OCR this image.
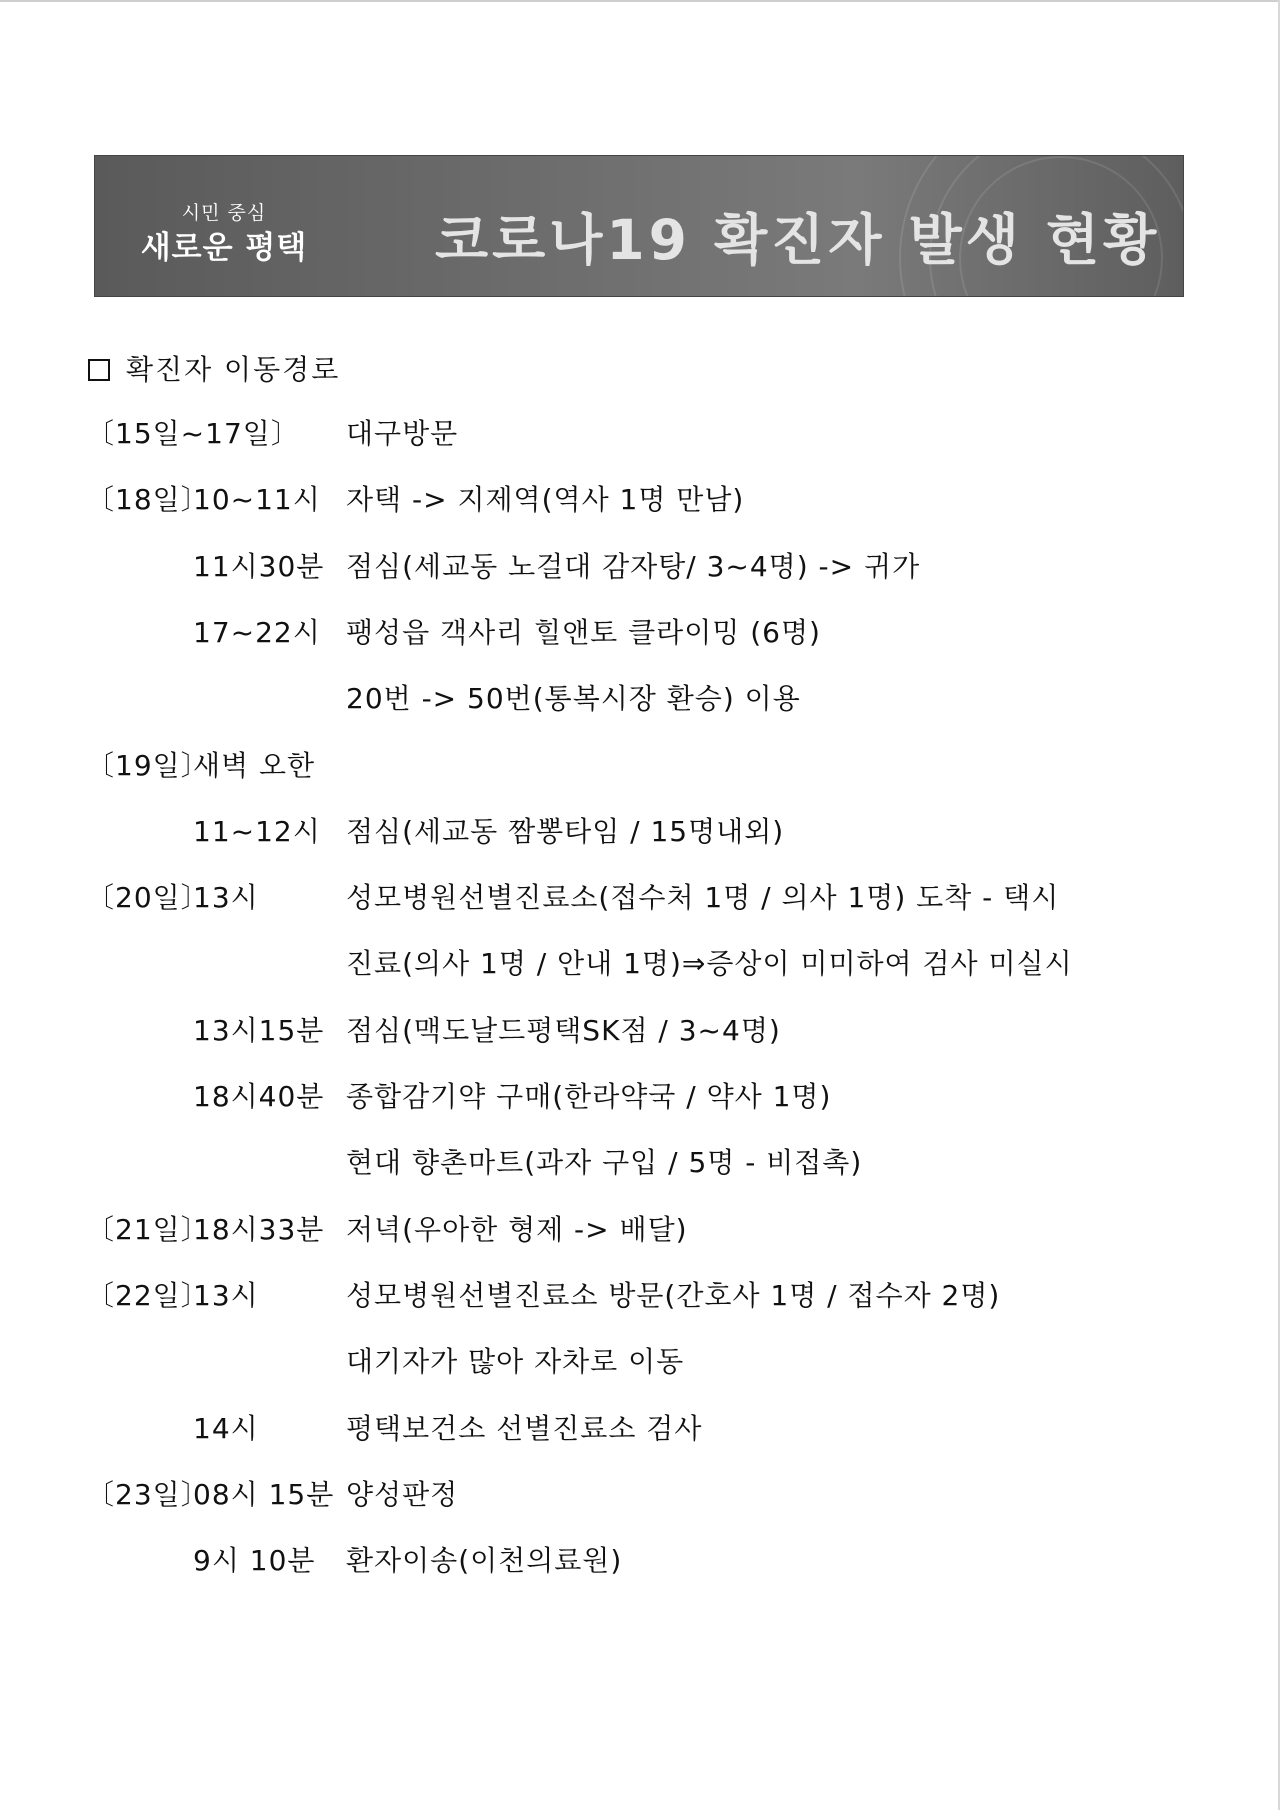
시민 중심
새로운 평택	코로나19 확진자 발생 현황
확진자 이동경로
〔15일~17일〕 대구방문
〔18일〕
10~11시 자택 -> 지제역(역사 1명 만남)
11시30분 점심(세교동 노걸대 감자탕/ 3~4명) -> 귀가
17~22시 팽성읍 객사리 힐앤토 클라이밍 (6명)
20번 -> 50번(통복시장 환승) 이용
〔19일〕
새벽 오한
11~12시 점심(세교동 짬뽕타임 / 15명내외)
〔20일〕
13시	성모병원선별진료소(접수처 1명 / 의사 1명) 도착 - 택시
진료(의사 1명 / 안내 1명)⇒증상이 미미하여 검사 미실시
13시15분 점심(맥도날드평택SK점 / 3~4명)
18시40분 종합감기약 구매(한라약국 / 약사 1명)
현대 향촌마트(과자 구입 / 5명 - 비접촉)
〔21일〕
18시33분 저녁(우아한 형제 -> 배달)
〔22일〕
13시	성모병원선별진료소 방문(간호사 1명 / 접수자 2명)
대기자가 많아 자차로 이동
14시	평택보건소 선별진료소 검사
〔23일〕
08시 15분 양성판정
9시 10분 환자이송(이천의료원)
